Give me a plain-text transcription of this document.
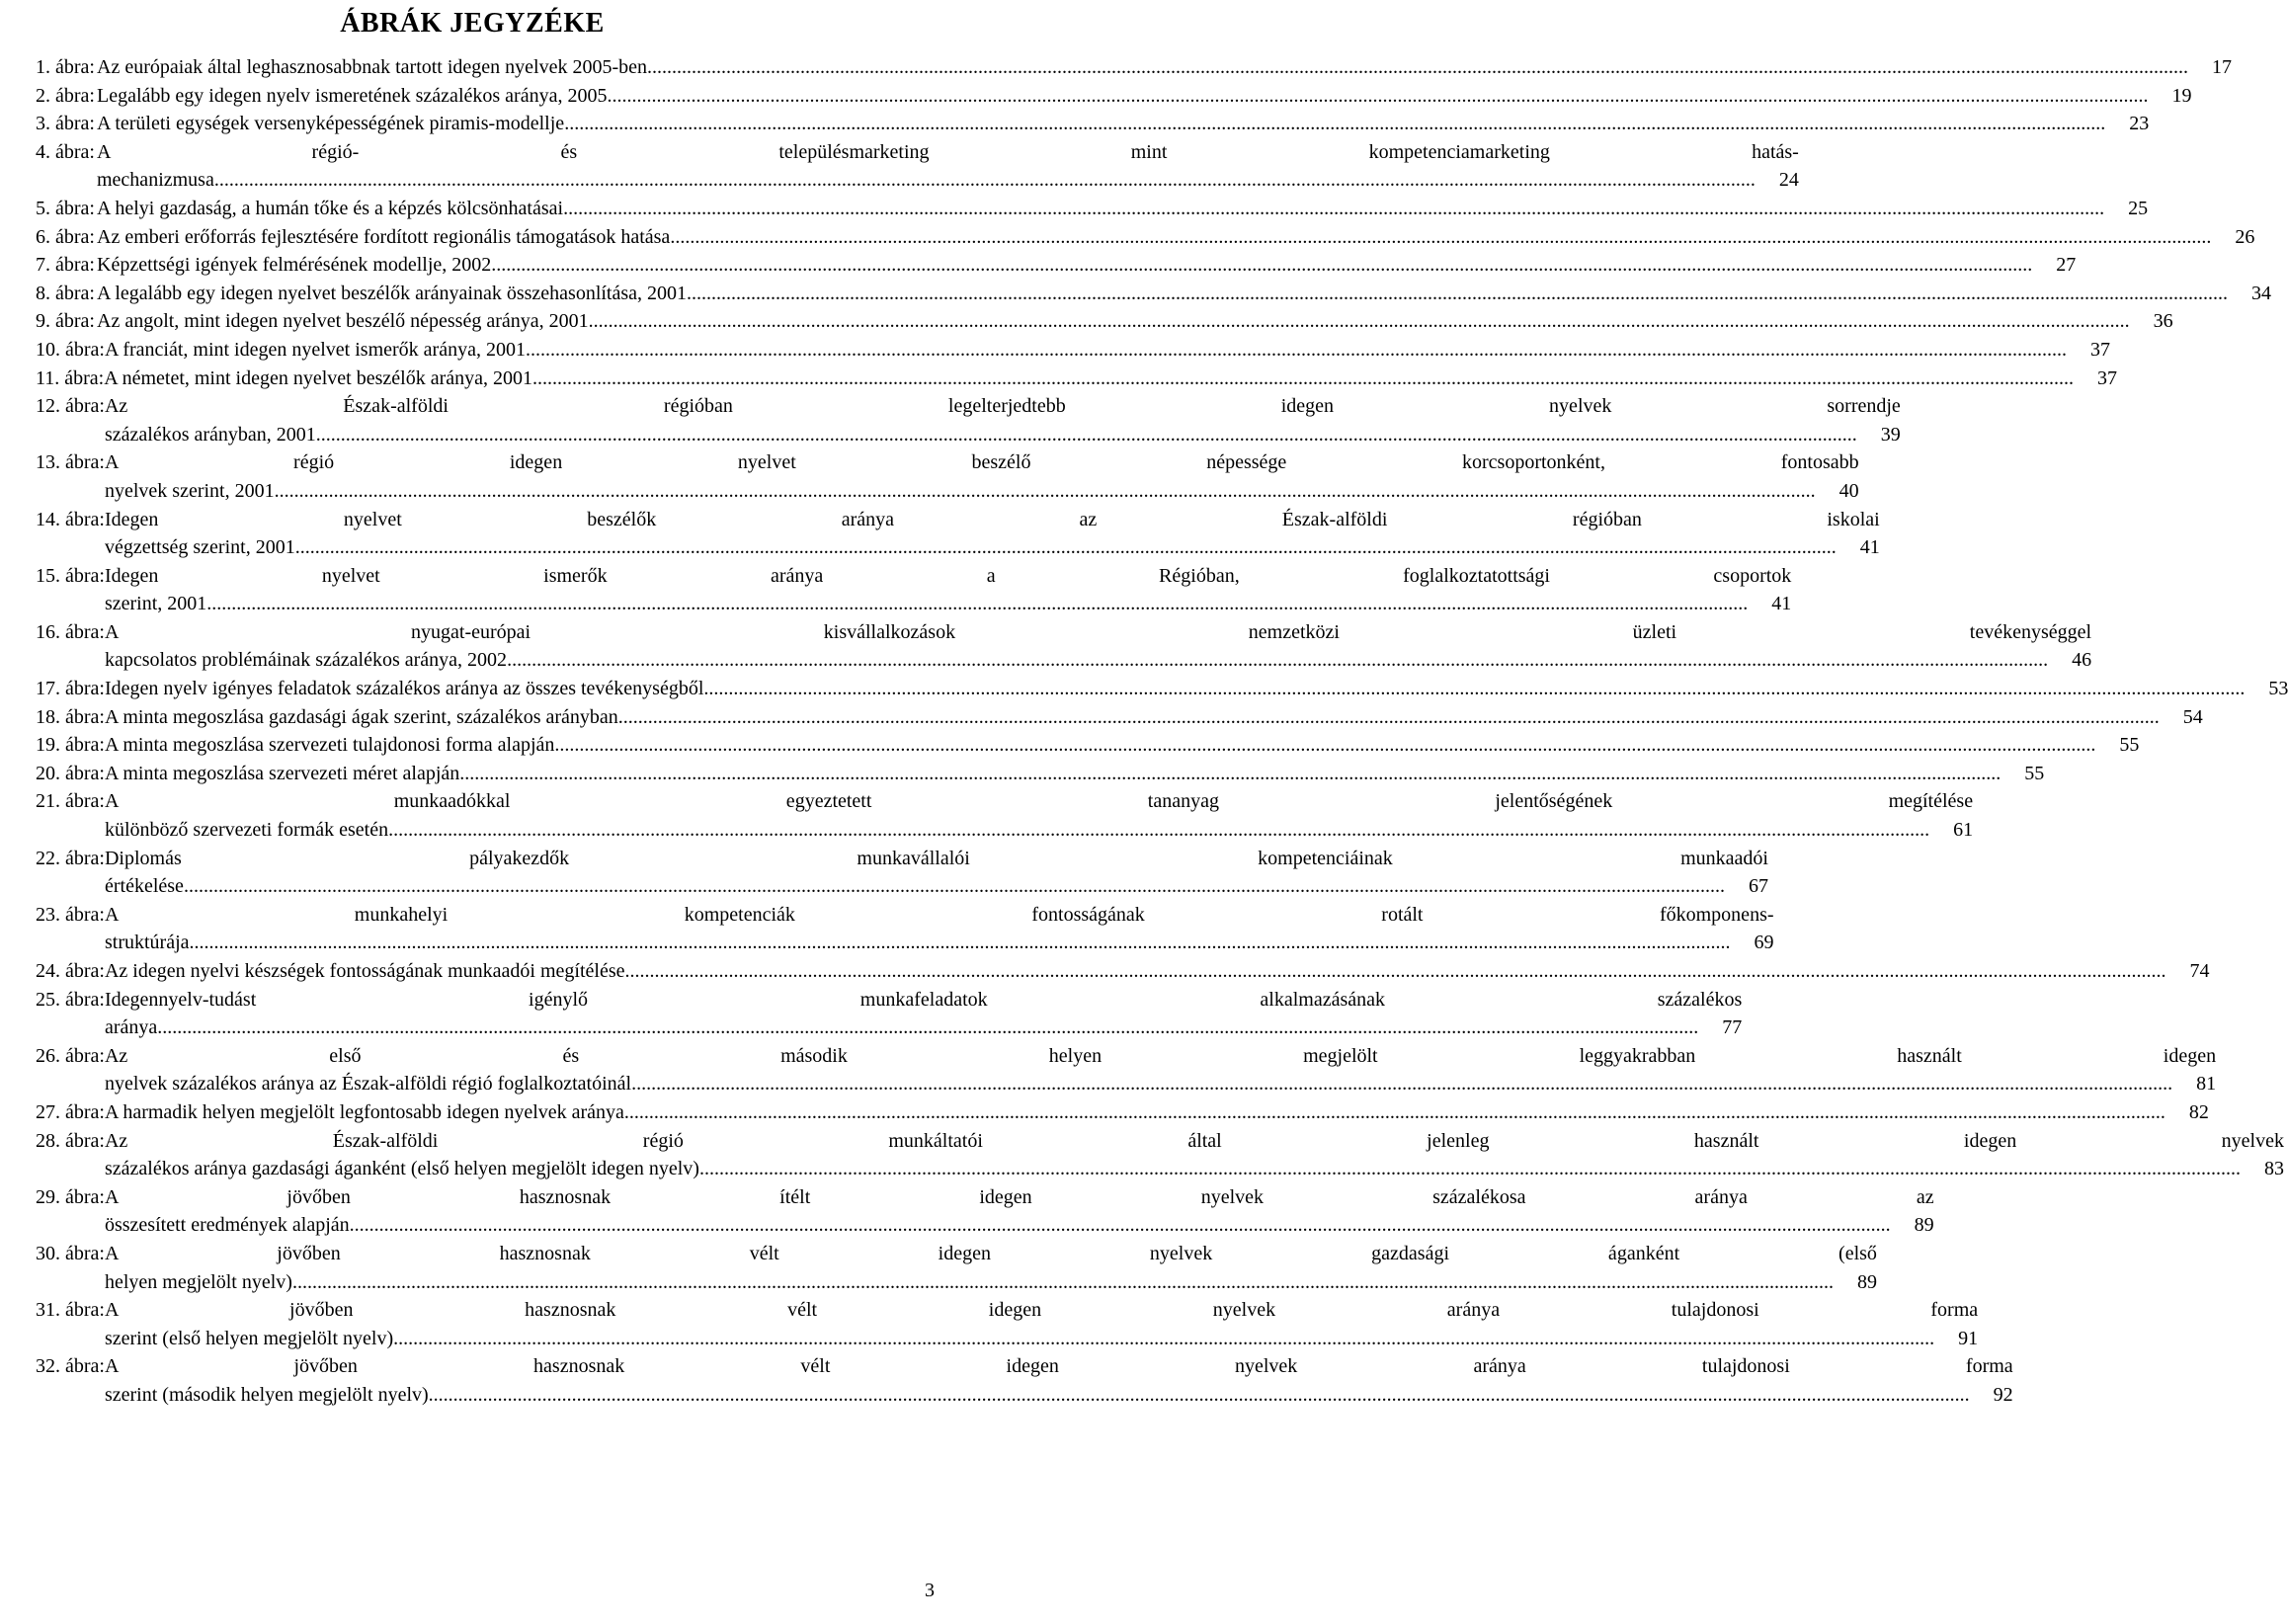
ÁBRÁK JEGYZÉKE
1. ábra: Az európaiak által leghasznosabbnak tartott idegen nyelvek 2005-ben .....	17
2. ábra: Legalább egy idegen nyelv ismeretének százalékos aránya, 2005 .....	19
3. ábra: A területi egységek versenyképességének piramis-modellje .....	23
4. ábra: A régió- és településmarketing mint kompetenciamarketing hatás-
mechanizmusa .....	24
5. ábra: A helyi gazdaság, a humán tőke és a képzés kölcsönhatásai .....	25
6. ábra: Az emberi erőforrás fejlesztésére fordított regionális támogatások hatása .....	26
7. ábra: Képzettségi igények felmérésének modellje, 2002 .....	27
8. ábra: A legalább egy idegen nyelvet beszélők arányainak összehasonlítása, 2001 .....	34
9. ábra: Az angolt, mint idegen nyelvet beszélő népesség aránya, 2001 .....	36
10. ábra: A franciát, mint idegen nyelvet ismerők aránya, 2001 .....	37
11. ábra: A németet, mint idegen nyelvet beszélők aránya, 2001 .....	37
12. ábra: Az Észak-alföldi régióban legelterjedtebb idegen nyelvek sorrendje
százalékos arányban, 2001 .....	39
13. ábra: A régió idegen nyelvet beszélő népessége korcsoportonként, fontosabb
nyelvek szerint, 2001 .....	40
14. ábra: Idegen nyelvet beszélők aránya az Észak-alföldi régióban iskolai
végzettség szerint, 2001 .....	41
15. ábra: Idegen nyelvet ismerők aránya a Régióban, foglalkoztatottsági csoportok
szerint, 2001 .....	41
16. ábra: A nyugat-európai kisvállalkozások nemzetközi üzleti tevékenységgel
kapcsolatos problémáinak százalékos aránya, 2002 .....	46
17. ábra: Idegen nyelv igényes feladatok százalékos aránya az összes tevékenységből .....	53
18. ábra: A minta megoszlása gazdasági ágak szerint, százalékos arányban .....	54
19. ábra: A minta megoszlása szervezeti tulajdonosi forma alapján .....	55
20. ábra: A minta megoszlása szervezeti méret alapján .....	55
21. ábra: A munkaadókkal egyeztetett tananyag jelentőségének megítélése
különböző szervezeti formák esetén .....	61
22. ábra: Diplomás pályakezdők munkavállalói kompetenciáinak munkaadói
értékelése .....	67
23. ábra: A munkahelyi kompetenciák fontosságának rotált főkomponens-
struktúrája .....	69
24. ábra: Az idegen nyelvi készségek fontosságának munkaadói megítélése .....	74
25. ábra: Idegennyelv-tudást igénylő munkafeladatok alkalmazásának százalékos
aránya .....	77
26. ábra: Az első és második helyen megjelölt leggyakrabban használt idegen
nyelvek százalékos aránya az Észak-alföldi régió foglalkoztatóinál .....	81
27. ábra: A harmadik helyen megjelölt legfontosabb idegen nyelvek aránya .....	82
28. ábra: Az Észak-alföldi régió munkáltatói által jelenleg használt idegen nyelvek
százalékos aránya gazdasági áganként (első helyen megjelölt idegen nyelv) .....	83
29. ábra: A jövőben hasznosnak ítélt idegen nyelvek százalékosa aránya az
összesített eredmények alapján .....	89
30. ábra: A jövőben hasznosnak vélt idegen nyelvek gazdasági áganként (első
helyen megjelölt nyelv) .....	89
31. ábra: A jövőben hasznosnak vélt idegen nyelvek aránya tulajdonosi forma
szerint (első helyen megjelölt nyelv) .....	91
32. ábra: A jövőben hasznosnak vélt idegen nyelvek aránya tulajdonosi forma
szerint (második helyen megjelölt nyelv) .....	92
3
